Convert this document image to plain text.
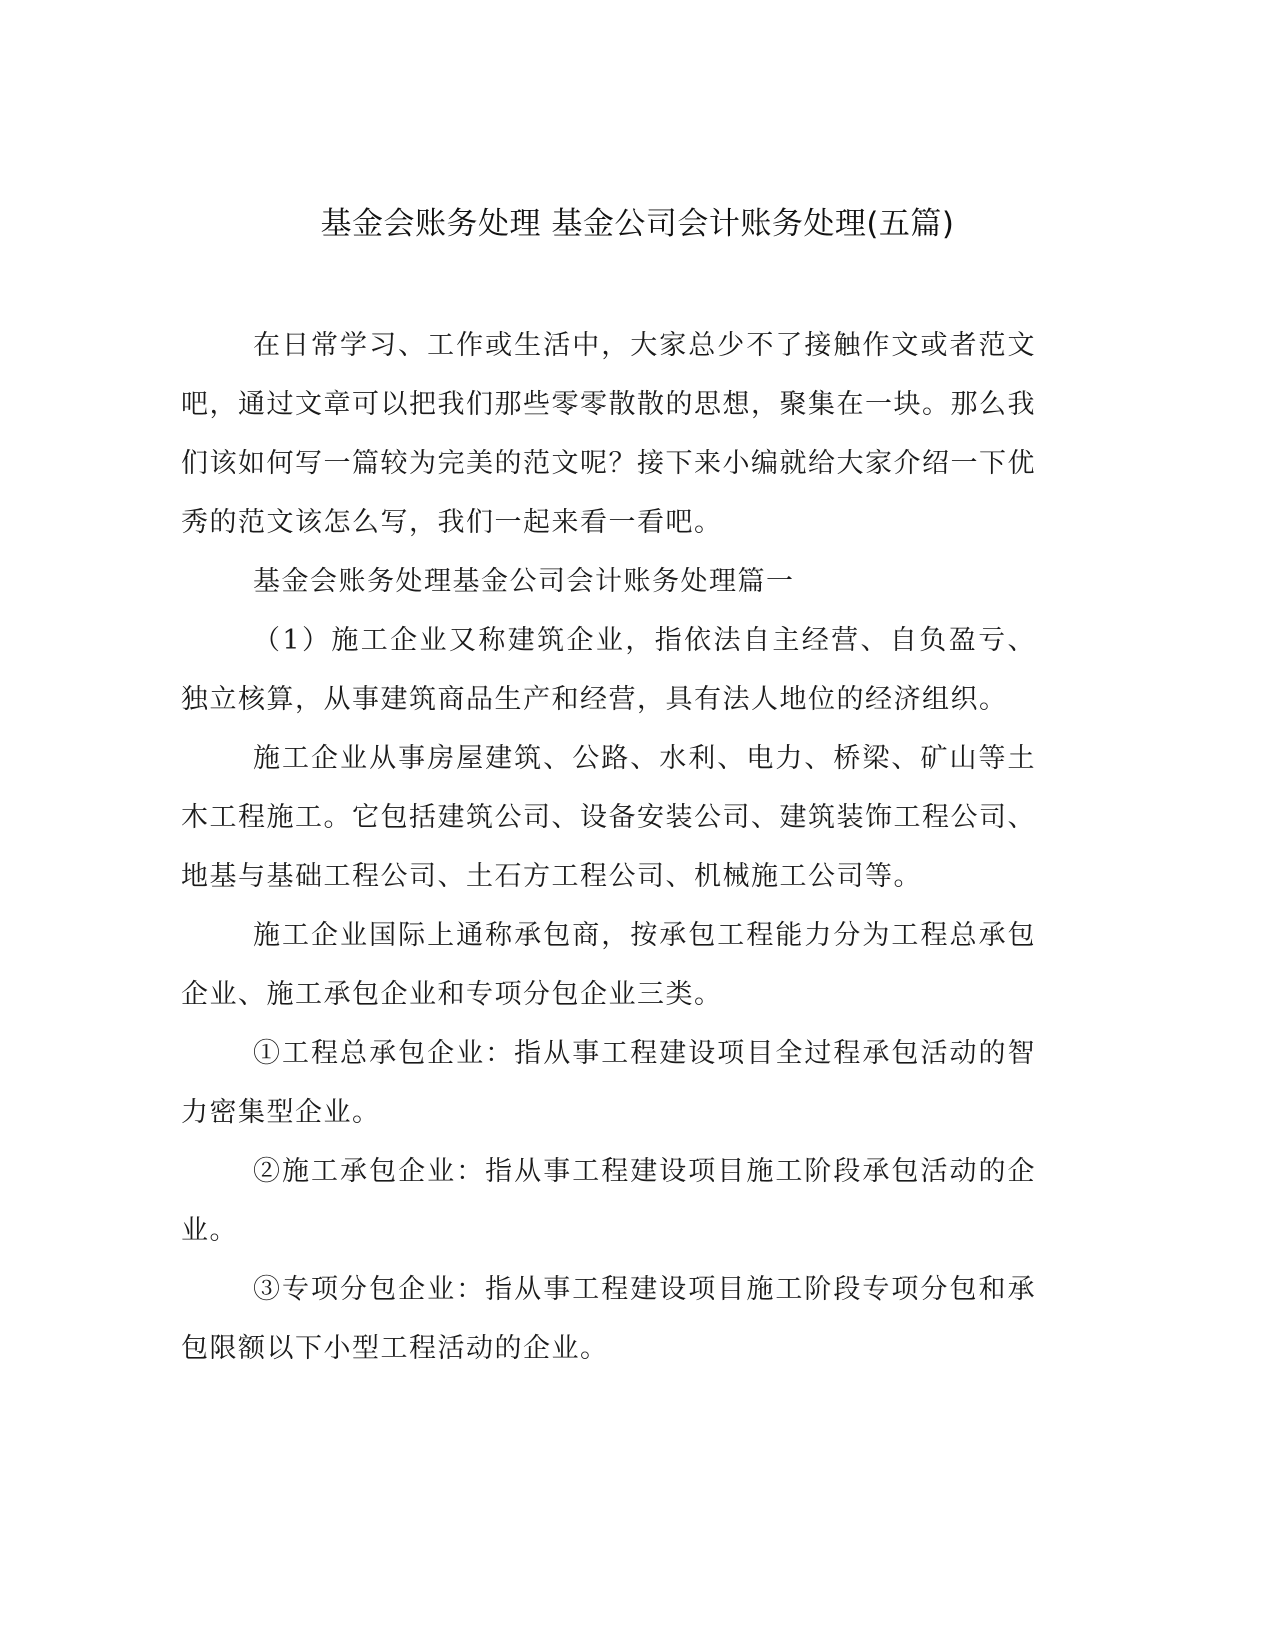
基金会账务处理 基金公司会计账务处理(五篇)

在日常学习、工作或生活中，大家总少不了接触作文或者范文吧，通过文章可以把我们那些零零散散的思想，聚集在一块。那么我们该如何写一篇较为完美的范文呢？接下来小编就给大家介绍一下优秀的范文该怎么写，我们一起来看一看吧。

基金会账务处理基金公司会计账务处理篇一

（1）施工企业又称建筑企业，指依法自主经营、自负盈亏、独立核算，从事建筑商品生产和经营，具有法人地位的经济组织。

施工企业从事房屋建筑、公路、水利、电力、桥梁、矿山等土木工程施工。它包括建筑公司、设备安装公司、建筑装饰工程公司、地基与基础工程公司、土石方工程公司、机械施工公司等。

施工企业国际上通称承包商，按承包工程能力分为工程总承包企业、施工承包企业和专项分包企业三类。

①工程总承包企业：指从事工程建设项目全过程承包活动的智力密集型企业。

②施工承包企业：指从事工程建设项目施工阶段承包活动的企业。

③专项分包企业：指从事工程建设项目施工阶段专项分包和承包限额以下小型工程活动的企业。
